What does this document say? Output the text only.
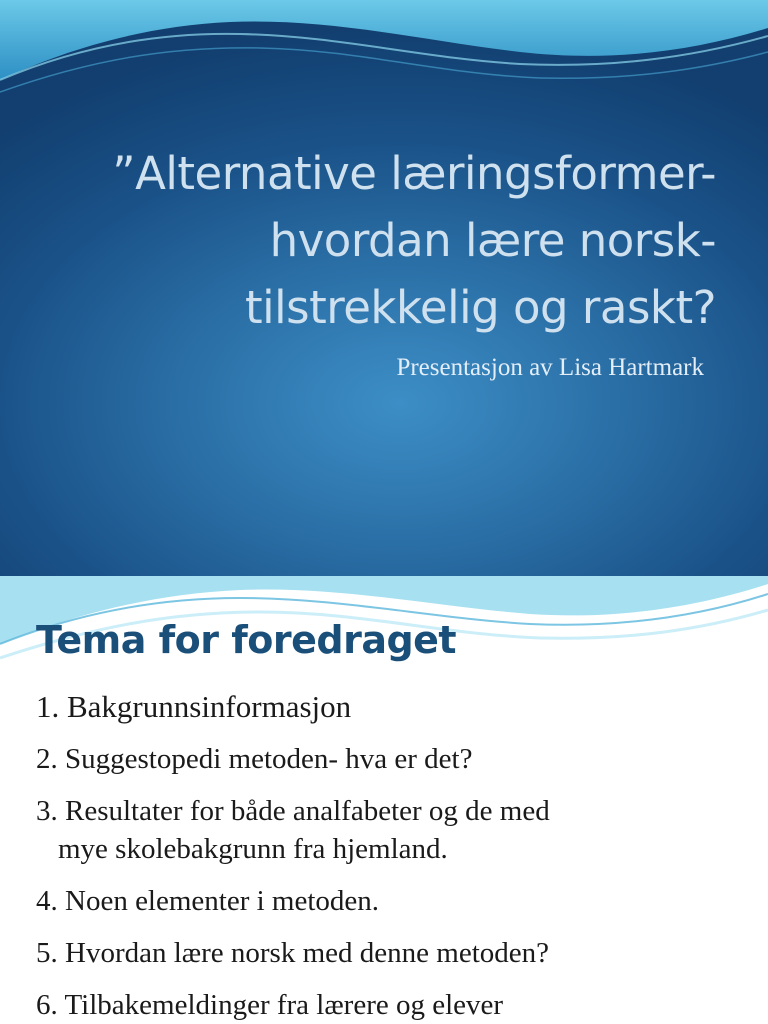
”Alternative læringsformer-
hvordan lære norsk-
tilstrekkelig og raskt?

Presentasjon av Lisa Hartmark

Tema for foredraget
1. Bakgrunnsinformasjon
2. Suggestopedi metoden- hva er det?
3. Resultater for både analfabeter og de med
mye skolebakgrunn fra hjemland.
4. Noen elementer i metoden.
5. Hvordan lære norsk med denne metoden?
6. Tilbakemeldinger fra lærere og elever
